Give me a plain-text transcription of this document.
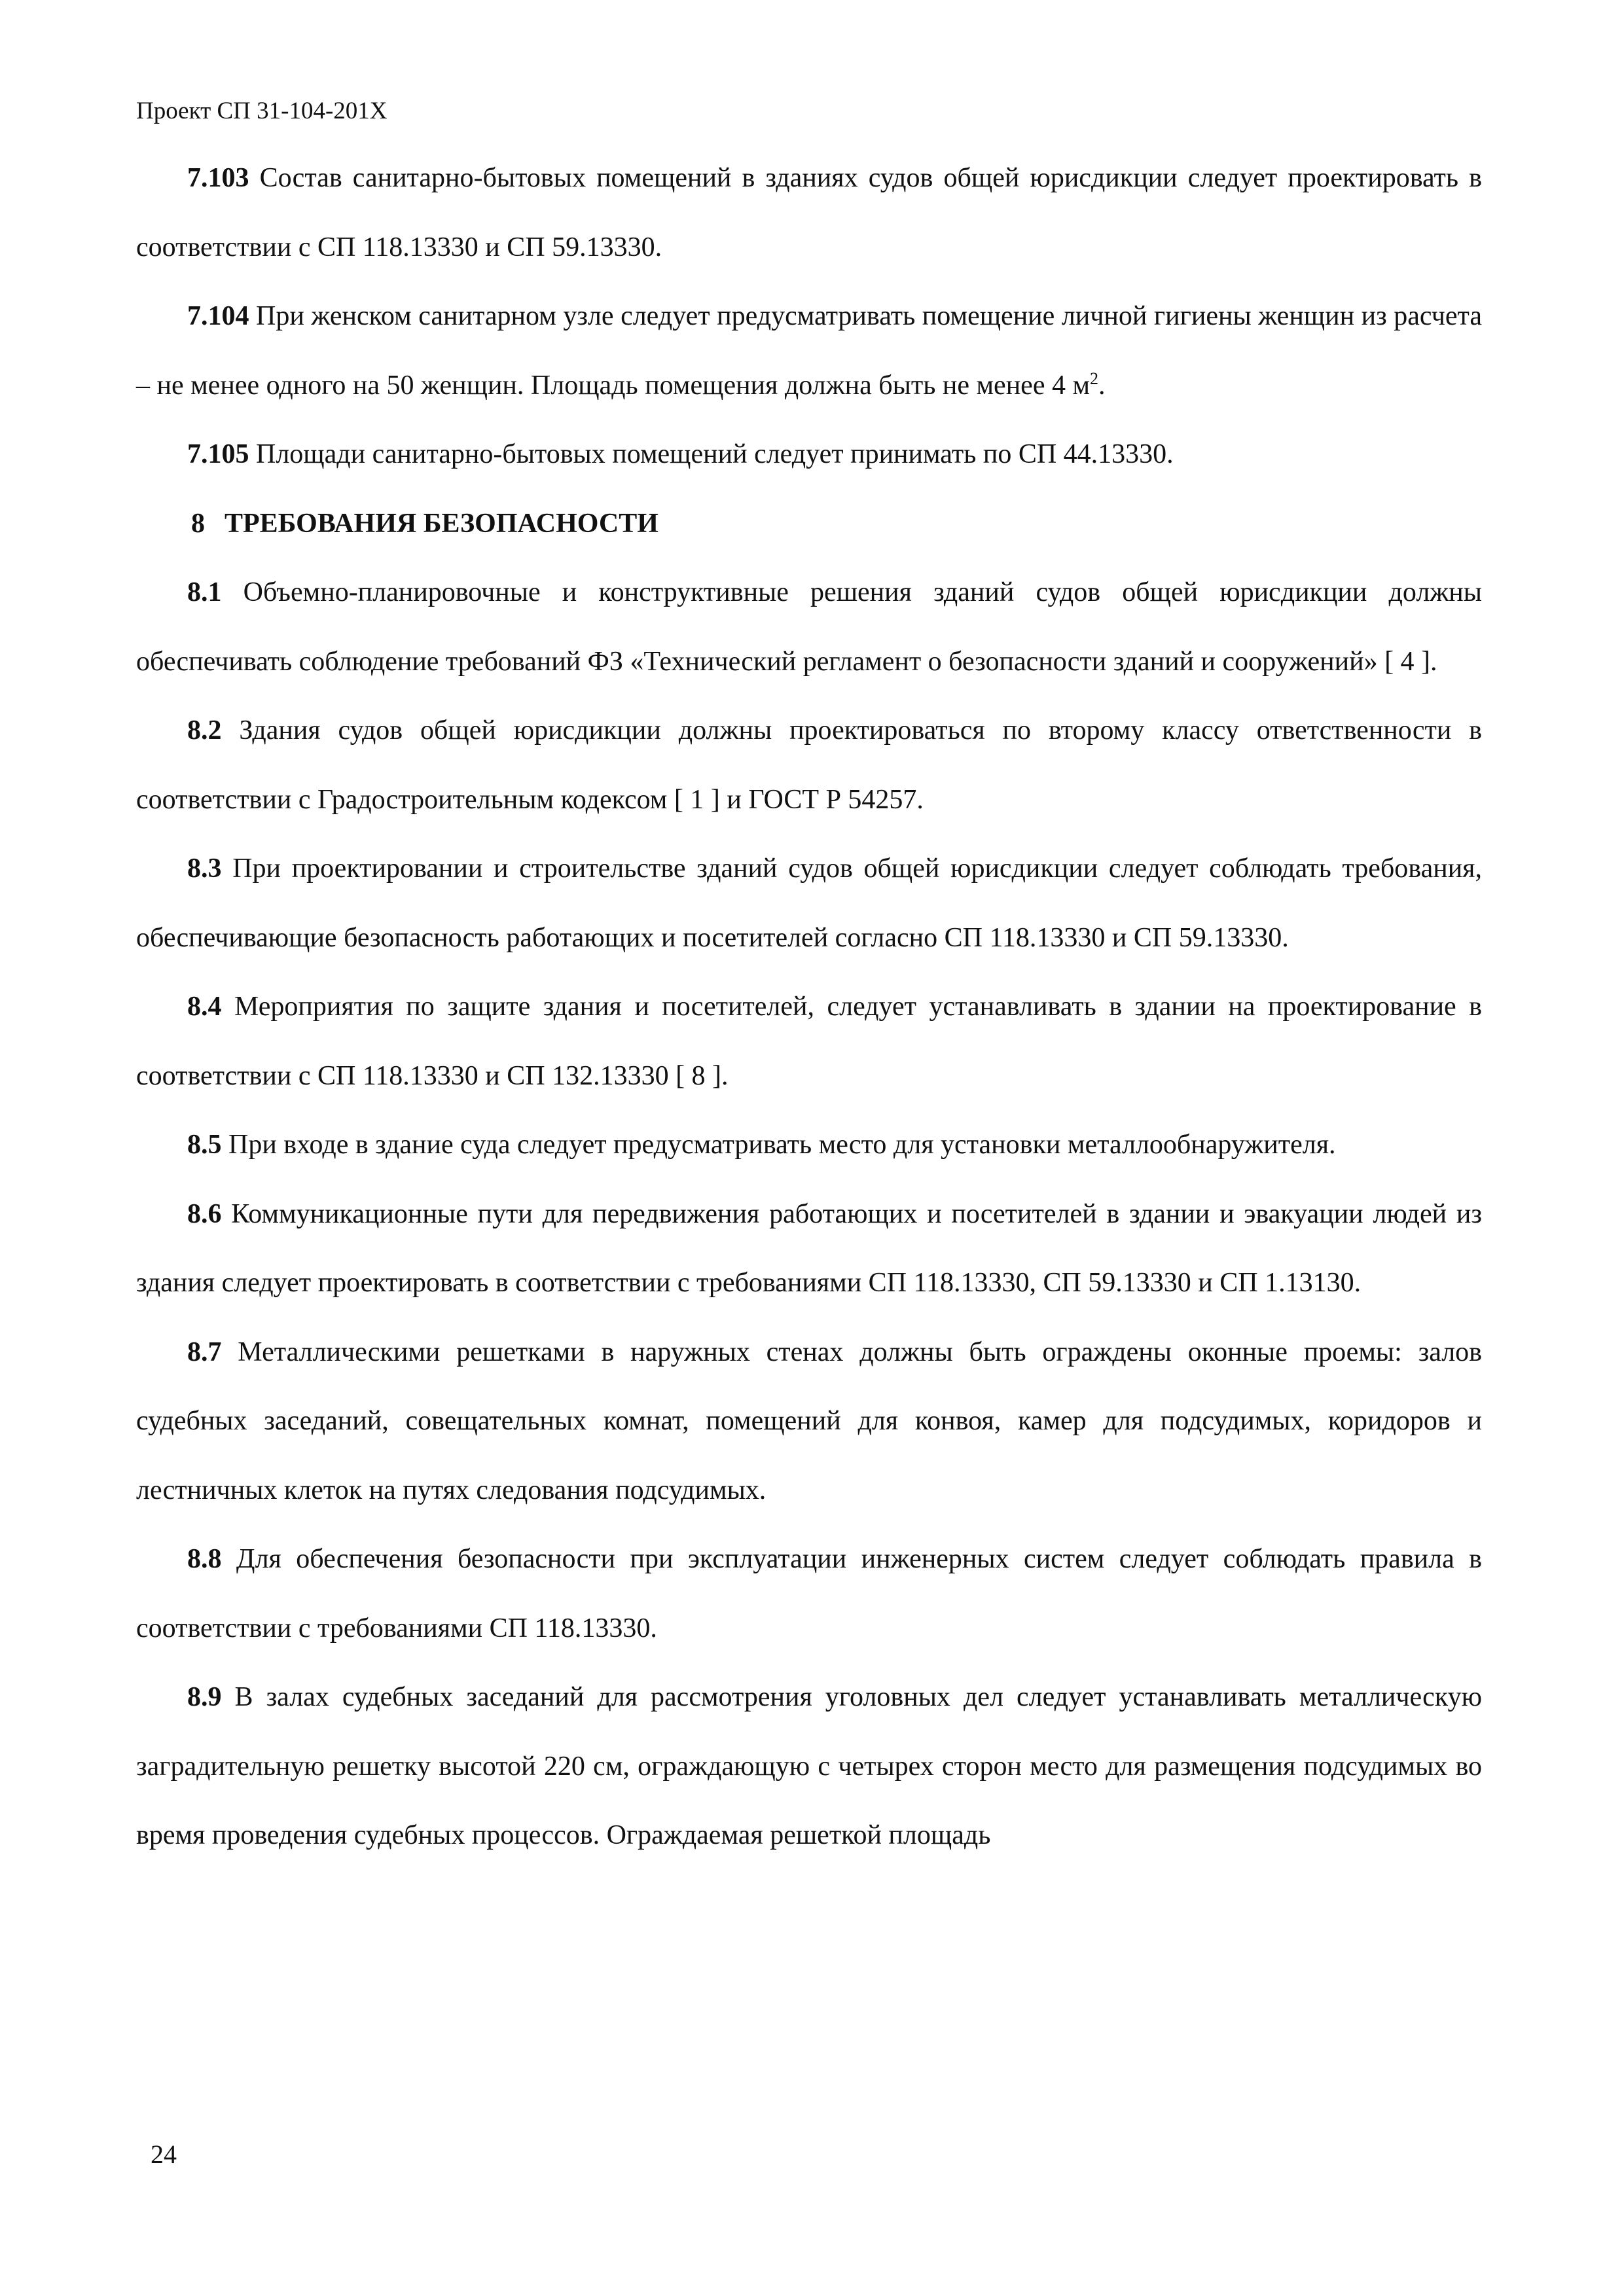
Проект СП 31-104-201Х

7.103 Состав санитарно-бытовых помещений в зданиях судов общей юрисдикции следует проектировать в соответствии с СП 118.13330 и СП 59.13330.

7.104 При женском санитарном узле следует предусматривать помещение личной гигиены женщин из расчета – не менее одного на 50 женщин. Площадь помещения должна быть не менее 4 $м^2$.

7.105 Площади санитарно-бытовых помещений следует принимать по СП 44.13330.

8 ТРЕБОВАНИЯ БЕЗОПАСНОСТИ

8.1 Объемно-планировочные и конструктивные решения зданий судов общей юрисдикции должны обеспечивать соблюдение требований ФЗ «Технический регламент о безопасности зданий и сооружений» [ 4 ].

8.2 Здания судов общей юрисдикции должны проектироваться по второму классу ответственности в соответствии с Градостроительным кодексом [ 1 ] и ГОСТ Р 54257.

8.3 При проектировании и строительстве зданий судов общей юрисдикции следует соблюдать требования, обеспечивающие безопасность работающих и посетителей согласно СП 118.13330 и СП 59.13330.

8.4 Мероприятия по защите здания и посетителей, следует устанавливать в здании на проектирование в соответствии с СП 118.13330 и СП 132.13330 [ 8 ].

8.5 При входе в здание суда следует предусматривать место для установки металлообнаружителя.

8.6 Коммуникационные пути для передвижения работающих и посетителей в здании и эвакуации людей из здания следует проектировать в соответствии с требованиями СП 118.13330, СП 59.13330 и СП 1.13130.

8.7 Металлическими решетками в наружных стенах должны быть ограждены оконные проемы: залов судебных заседаний, совещательных комнат, помещений для конвоя, камер для подсудимых, коридоров и лестничных клеток на путях следования подсудимых.

8.8 Для обеспечения безопасности при эксплуатации инженерных систем следует соблюдать правила в соответствии с требованиями СП 118.13330.

8.9 В залах судебных заседаний для рассмотрения уголовных дел следует устанавливать металлическую заградительную решетку высотой 220 см, ограждающую с четырех сторон место для размещения подсудимых во время проведения судебных процессов. Ограждаемая решеткой площадь

24
